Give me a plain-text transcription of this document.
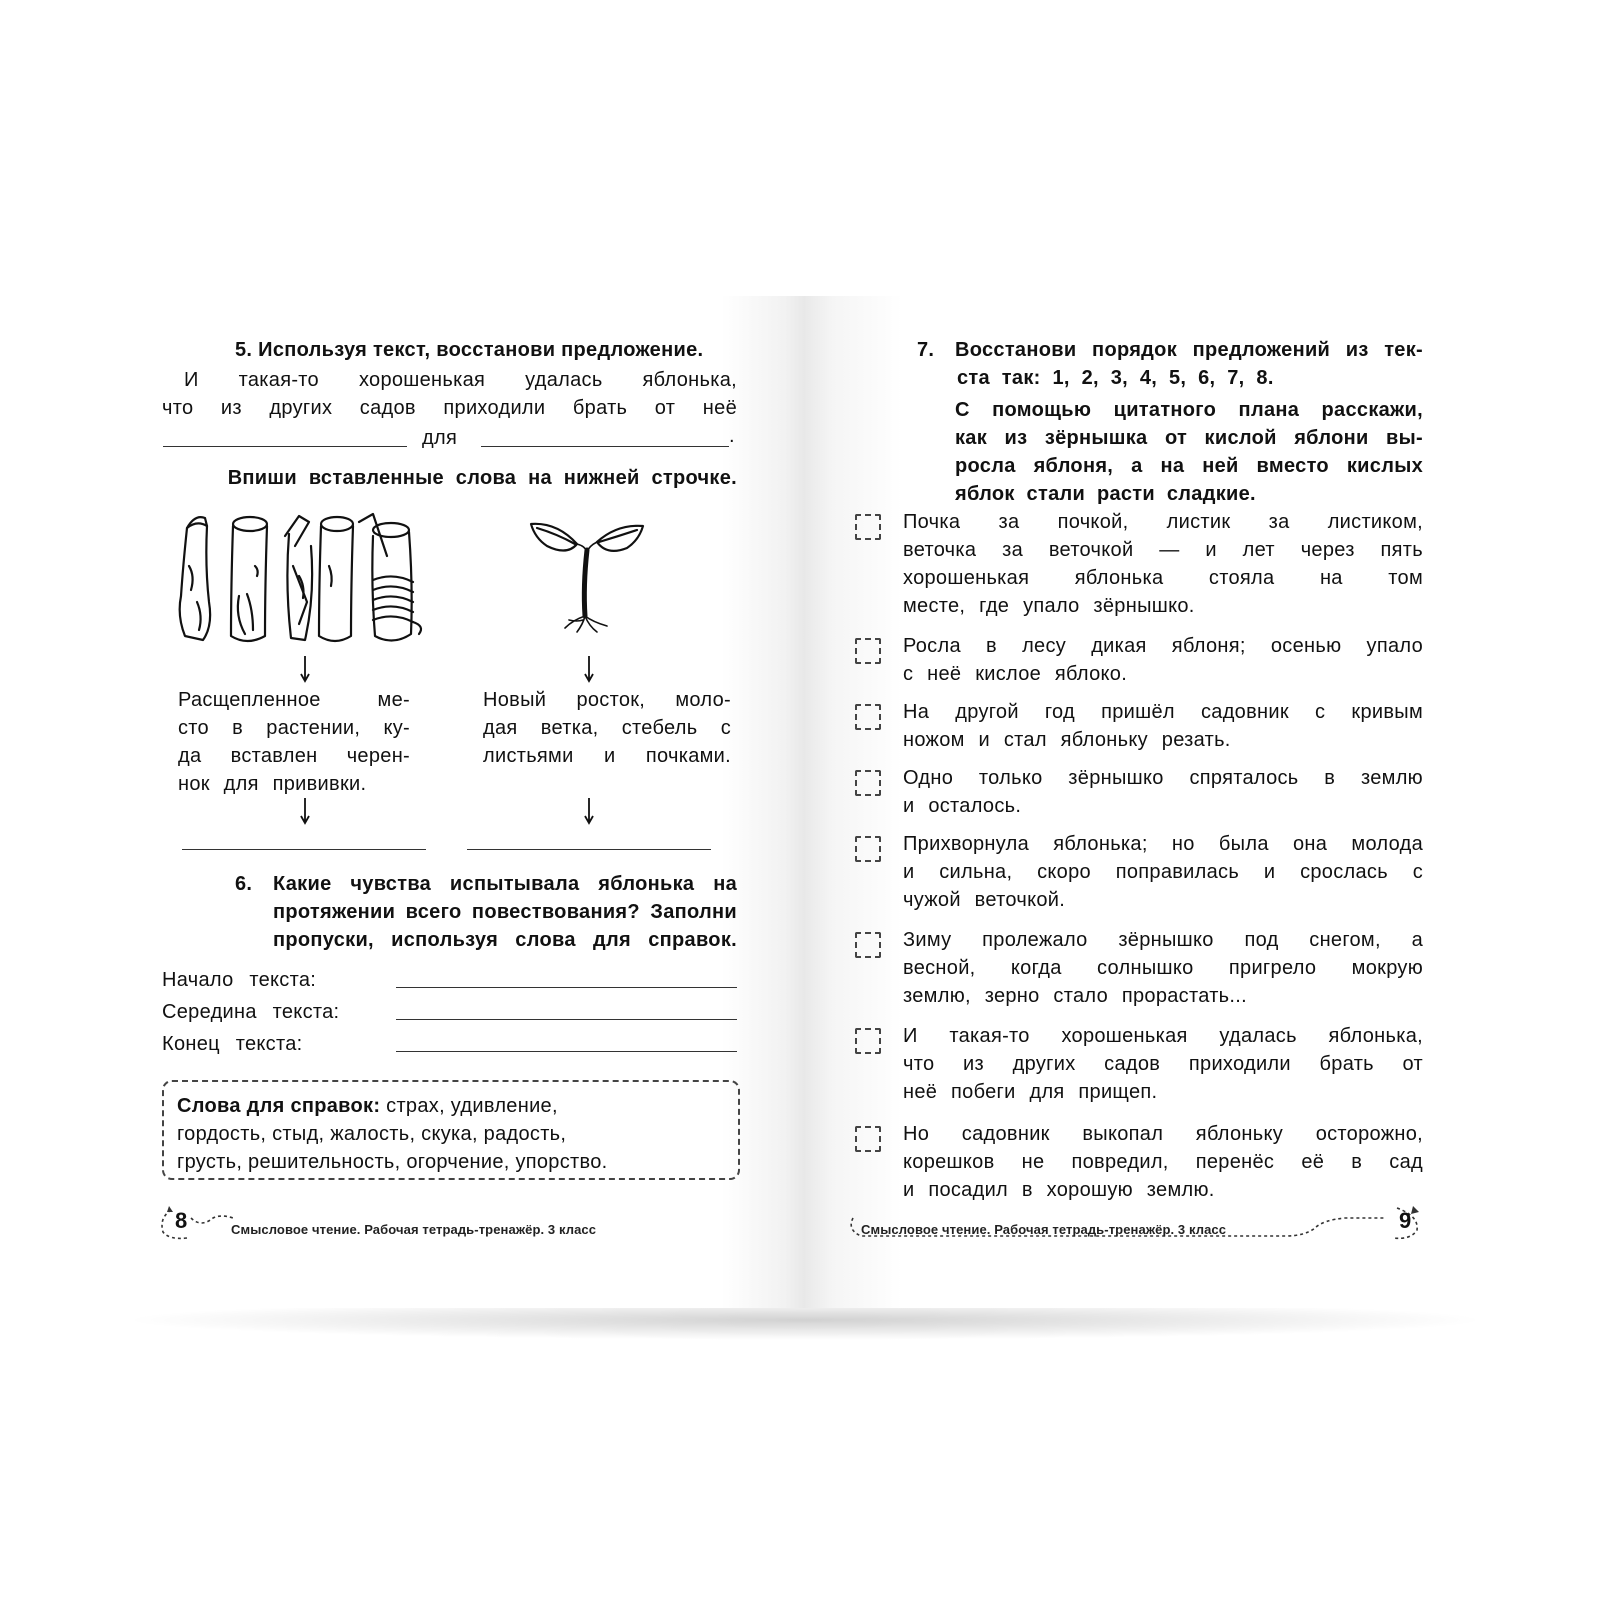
5. Используя текст, восстанови предложение.
И такая-то хорошенькая удалась яблонька,
что из других садов приходили брать от неё
для	.
Впиши вставленные слова на нижней строчке.
Расщепленное ме-
сто в растении, ку-
да вставлен черен-
нок для прививки.
Новый росток, моло-
дая ветка, стебель с
листьями и почками.
6.	Какие чувства испытывала яблонька на
протяжении всего повествования? Заполни
пропуски, используя слова для справок.
Начало текста:
Середина текста:
Конец текста:
Слова для справок: страх, удивление,
гордость, стыд, жалость, скука, радость,
грусть, решительность, огорчение, упорство.
8	Смысловое чтение. Рабочая тетрадь-тренажёр. 3 класс
7.	Восстанови порядок предложений из тек-
ста так: 1, 2, 3, 4, 5, 6, 7, 8.
С помощью цитатного плана расскажи,
как из зёрнышка от кислой яблони вы-
росла яблоня, а на ней вместо кислых
яблок стали расти сладкие.
Почка за почкой, листик за листиком,
веточка за веточкой — и лет через пять
хорошенькая яблонька стояла на том
месте, где упало зёрнышко.
Росла в лесу дикая яблоня; осенью упало
с неё кислое яблоко.
На другой год пришёл садовник с кривым
ножом и стал яблоньку резать.
Одно только зёрнышко спряталось в землю
и осталось.
Прихворнула яблонька; но была она молода
и сильна, скоро поправилась и срослась с
чужой веточкой.
Зиму пролежало зёрнышко под снегом, а
весной, когда солнышко пригрело мокрую
землю, зерно стало прорастать...
И такая-то хорошенькая удалась яблонька,
что из других садов приходили брать от
неё побеги для прищеп.
Но садовник выкопал яблоньку осторожно,
корешков не повредил, перенёс её в сад
и посадил в хорошую землю.
9
Смысловое чтение. Рабочая тетрадь-тренажёр. 3 класс
